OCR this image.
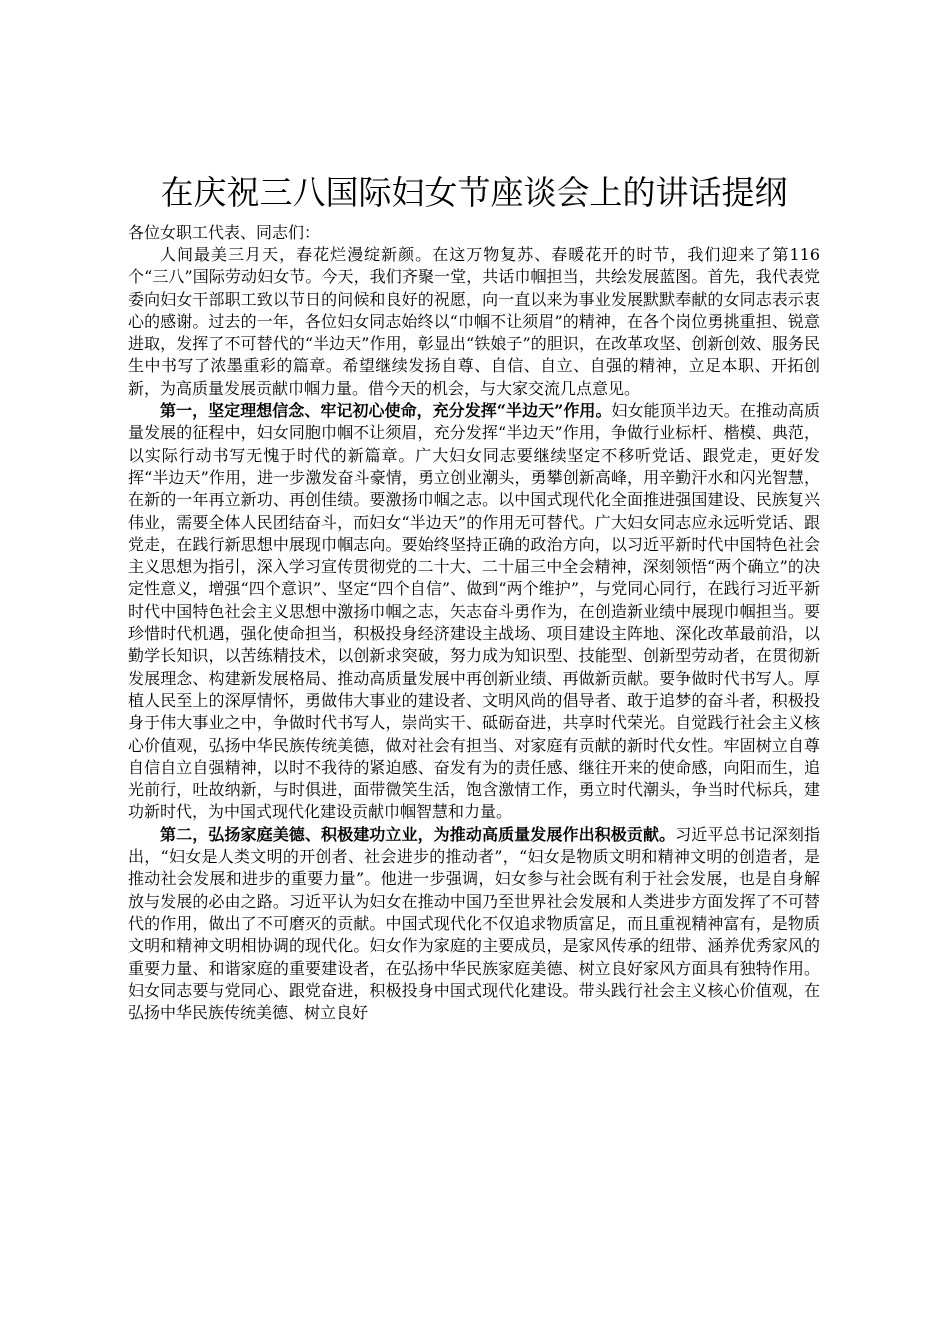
在庆祝三八国际妇女节座谈会上的讲话提纲

各位女职工代表、同志们：

人间最美三月天，春花烂漫绽新颜。在这万物复苏、春暖花开的时节，我们迎来了第116个“三八”国际劳动妇女节。今天，我们齐聚一堂，共话巾帼担当，共绘发展蓝图。首先，我代表党委向妇女干部职工致以节日的问候和良好的祝愿，向一直以来为事业发展默默奉献的女同志表示衷心的感谢。过去的一年，各位妇女同志始终以“巾帼不让须眉”的精神，在各个岗位勇挑重担、锐意进取，发挥了不可替代的“半边天”作用，彰显出“铁娘子”的胆识，在改革攻坚、创新创效、服务民生中书写了浓墨重彩的篇章。希望继续发扬自尊、自信、自立、自强的精神，立足本职、开拓创新，为高质量发展贡献巾帼力量。借今天的机会，与大家交流几点意见。

第一，坚定理想信念、牢记初心使命，充分发挥“半边天”作用。妇女能顶半边天。在推动高质量发展的征程中，妇女同胞巾帼不让须眉，充分发挥“半边天”作用，争做行业标杆、楷模、典范，以实际行动书写无愧于时代的新篇章。广大妇女同志要继续坚定不移听党话、跟党走，更好发挥“半边天”作用，进一步激发奋斗豪情，勇立创业潮头，勇攀创新高峰，用辛勤汗水和闪光智慧，在新的一年再立新功、再创佳绩。要激扬巾帼之志。以中国式现代化全面推进强国建设、民族复兴伟业，需要全体人民团结奋斗，而妇女“半边天”的作用无可替代。广大妇女同志应永远听党话、跟党走，在践行新思想中展现巾帼志向。要始终坚持正确的政治方向，以习近平新时代中国特色社会主义思想为指引，深入学习宣传贯彻党的二十大、二十届三中全会精神，深刻领悟“两个确立”的决定性意义，增强“四个意识”、坚定“四个自信”、做到“两个维护”，与党同心同行，在践行习近平新时代中国特色社会主义思想中激扬巾帼之志，矢志奋斗勇作为，在创造新业绩中展现巾帼担当。要珍惜时代机遇，强化使命担当，积极投身经济建设主战场、项目建设主阵地、深化改革最前沿，以勤学长知识，以苦练精技术，以创新求突破，努力成为知识型、技能型、创新型劳动者，在贯彻新发展理念、构建新发展格局、推动高质量发展中再创新业绩、再做新贡献。要争做时代书写人。厚植人民至上的深厚情怀，勇做伟大事业的建设者、文明风尚的倡导者、敢于追梦的奋斗者，积极投身于伟大事业之中，争做时代书写人，崇尚实干、砥砺奋进，共享时代荣光。自觉践行社会主义核心价值观，弘扬中华民族传统美德，做对社会有担当、对家庭有贡献的新时代女性。牢固树立自尊自信自立自强精神，以时不我待的紧迫感、奋发有为的责任感、继往开来的使命感，向阳而生，追光前行，吐故纳新，与时俱进，面带微笑生活，饱含激情工作，勇立时代潮头，争当时代标兵，建功新时代，为中国式现代化建设贡献巾帼智慧和力量。

第二，弘扬家庭美德、积极建功立业，为推动高质量发展作出积极贡献。习近平总书记深刻指出，“妇女是人类文明的开创者、社会进步的推动者”，“妇女是物质文明和精神文明的创造者，是推动社会发展和进步的重要力量”。他进一步强调，妇女参与社会既有利于社会发展，也是自身解放与发展的必由之路。习近平认为妇女在推动中国乃至世界社会发展和人类进步方面发挥了不可替代的作用，做出了不可磨灭的贡献。中国式现代化不仅追求物质富足，而且重视精神富有，是物质文明和精神文明相协调的现代化。妇女作为家庭的主要成员，是家风传承的纽带、涵养优秀家风的重要力量、和谐家庭的重要建设者，在弘扬中华民族家庭美德、树立良好家风方面具有独特作用。妇女同志要与党同心、跟党奋进，积极投身中国式现代化建设。带头践行社会主义核心价值观，在弘扬中华民族传统美德、树立良好
